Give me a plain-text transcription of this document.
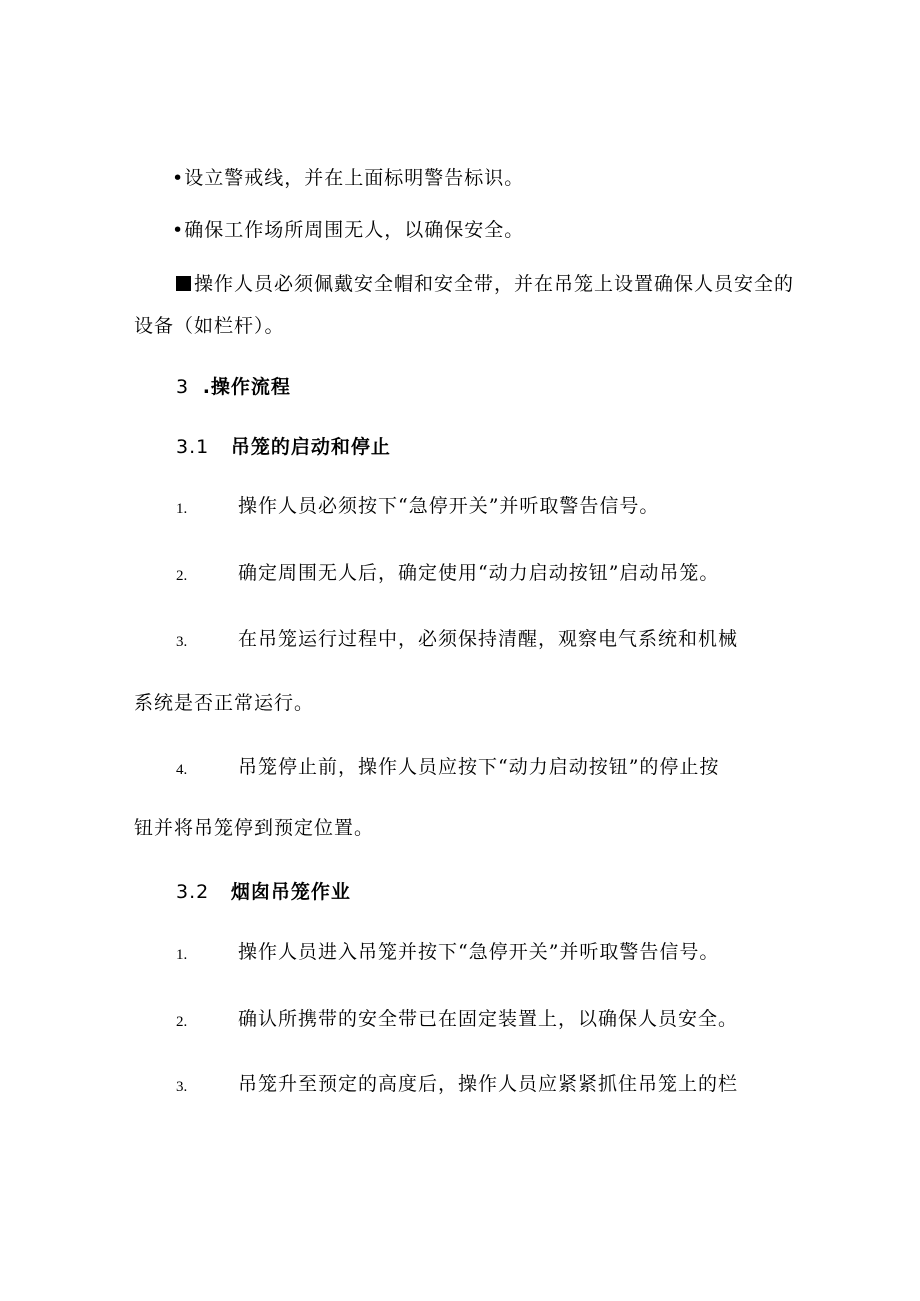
•设立警戒线，并在上面标明警告标识。
•确保工作场所周围无人，以确保安全。
操作人员必须佩戴安全帽和安全带，并在吊笼上设置确保人员安全的
设备（如栏杆）。
3 .操作流程
3.1 吊笼的启动和停止
1.	操作人员必须按下“急停开关”并听取警告信号。
2.	确定周围无人后，确定使用“动力启动按钮”启动吊笼。
3.	在吊笼运行过程中，必须保持清醒，观察电气系统和机械
系统是否正常运行。
4.	吊笼停止前，操作人员应按下“动力启动按钮”的停止按
钮并将吊笼停到预定位置。
3.2 烟囱吊笼作业
1.	操作人员进入吊笼并按下“急停开关”并听取警告信号。
2.	确认所携带的安全带已在固定装置上，以确保人员安全。
3.	吊笼升至预定的高度后，操作人员应紧紧抓住吊笼上的栏
